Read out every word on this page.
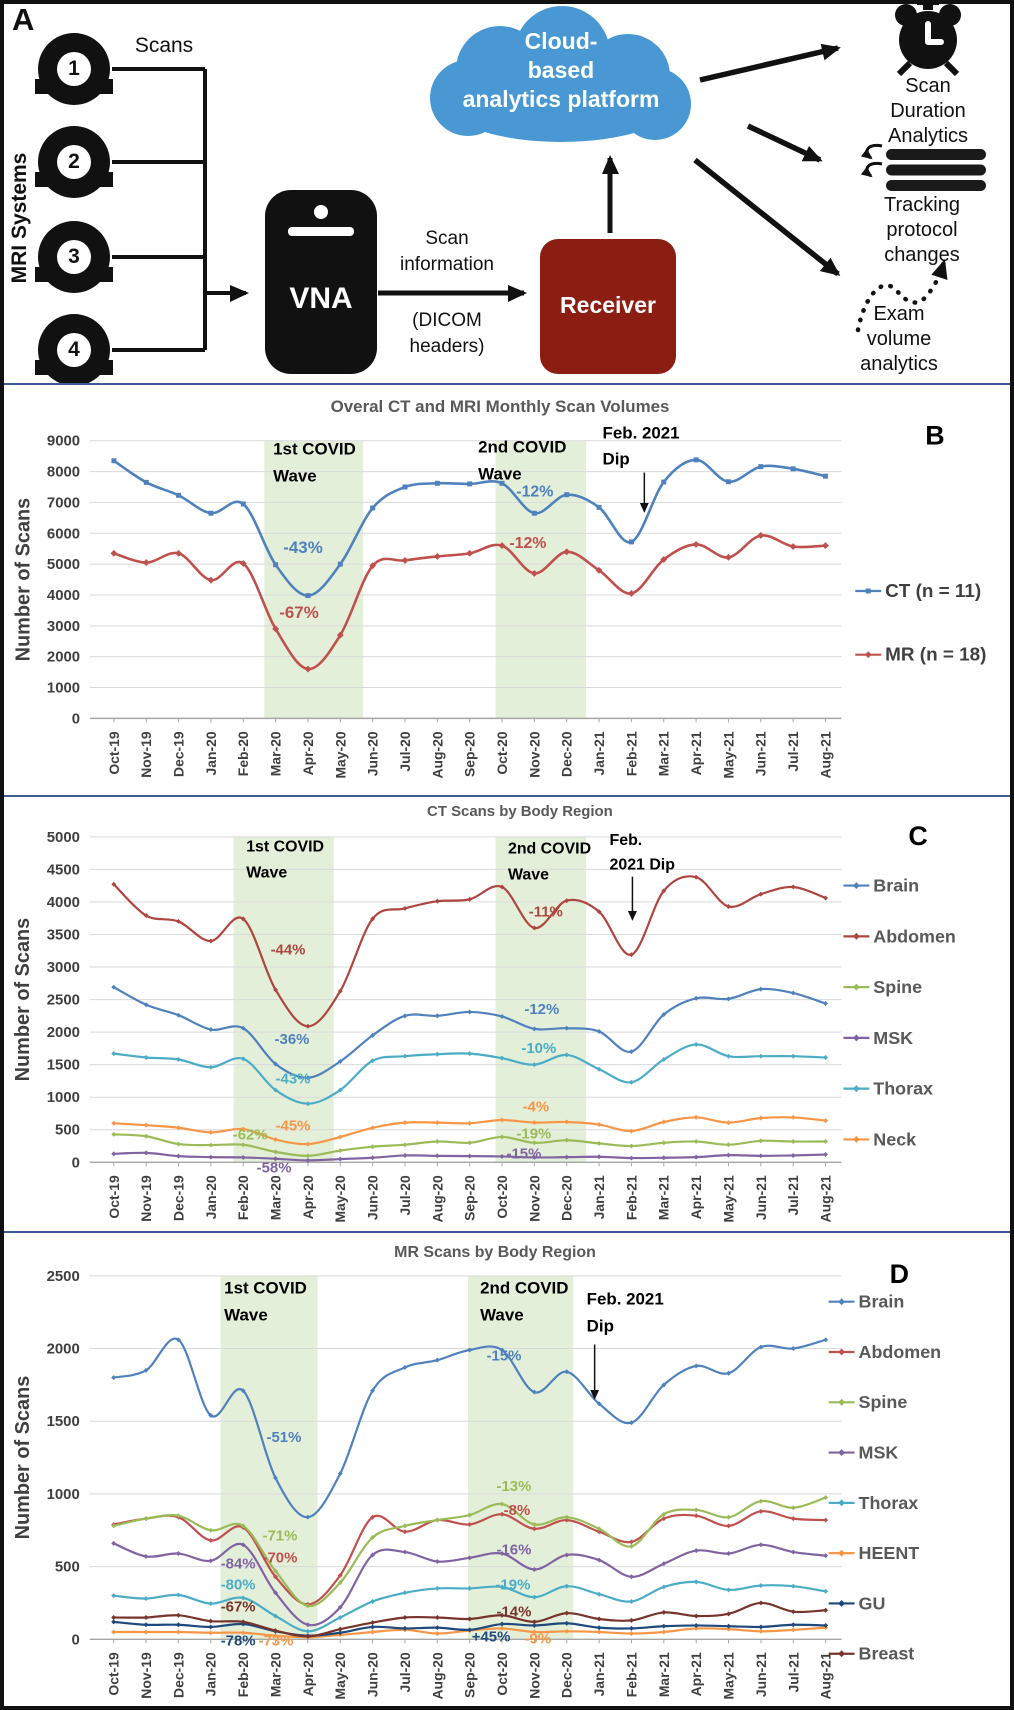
A
MRI Systems
Scans
1
2
3
4
VNA
Scan
information
(DICOM
headers)
Receiver
Cloud-
based
analytics platform	Scan Duration
Analytics
Tracking protocol
changes
Exam volume
analytics
0
1000
2000
3000
4000
5000
6000
7000
8000
9000
Oct-19 Nov-19 Dec-19 Jan-20 Feb-20 Mar-20 Apr-20 May-20 Jun-20 Jul-20 Aug-20 Sep-20 Oct-20 Nov-20 Dec-20 Jan-21 Feb-21 Mar-21 Apr-21 May-21 Jun-21 Jul-21 Aug-21
1st COVID
Wave
2nd COVID
Wave
Feb. 2021
Dip
-43%
-67%
-12%
-12%
Overal CT and MRI Monthly Scan Volumes
Number of Scans
B
CT (n = 11)
MR (n = 18)
0
500
1000
1500
2000
2500
3000
3500
4000
4500
5000
Oct-19 Nov-19 Dec-19 Jan-20 Feb-20 Mar-20 Apr-20 May-20 Jun-20 Jul-20 Aug-20 Sep-20 Oct-20 Nov-20 Dec-20 Jan-21 Feb-21 Mar-21 Apr-21 May-21 Jun-21 Jul-21 Aug-21
1st COVID
Wave
2nd COVID
Wave
Feb.
2021 Dip
-44%
-36%
-43%
-45%
-62%
-58%
-11%
-12%
-10%
-4%
-19%
-15%
CT Scans by Body Region
Number of Scans
C
Brain
Abdomen
Spine
MSK
Thorax
Neck
0
500
1000
1500
2000
2500
Oct-19 Nov-19 Dec-19 Jan-20 Feb-20 Mar-20 Apr-20 May-20 Jun-20 Jul-20 Aug-20 Sep-20 Oct-20 Nov-20 Dec-20 Jan-21 Feb-21 Mar-21 Apr-21 May-21 Jun-21 Jul-21 Aug-21
1st COVID
Wave
2nd COVID
Wave
Feb. 2021
Dip
-51%
-71%
-70%
-84%
-80%
-67%
-78% -73%
-15%
-13%
-8%
-16%
-19%
-14%
+45% -9%
MR Scans by Body Region
Number of Scans
D
Brain
Abdomen
Spine
MSK
Thorax
HEENT
GU
Breast
